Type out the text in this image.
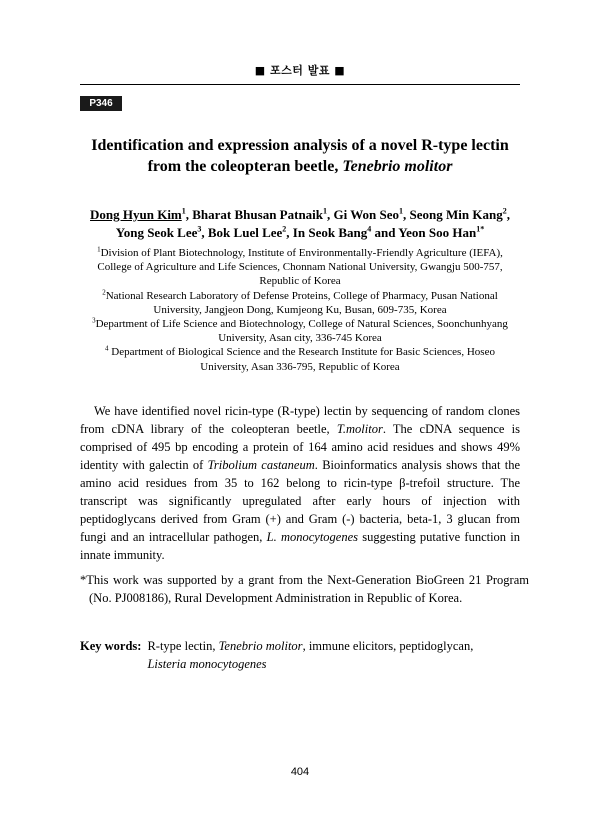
■ 포스터 발표 ■
P346
Identification and expression analysis of a novel R-type lectin
from the coleopteran beetle, Tenebrio molitor
Dong Hyun Kim$^1$, Bharat Bhusan Patnaik$^1$, Gi Won Seo$^1$, Seong Min Kang$^2$,
Yong Seok Lee$^3$, Bok Luel Lee$^2$, In Seok Bang$^4$ and Yeon Soo Han$^{1*}$
$^1$Division of Plant Biotechnology, Institute of Environmentally-Friendly Agriculture (IEFA), College of Agriculture and Life Sciences, Chonnam National University, Gwangju 500-757, Republic of Korea
$^2$National Research Laboratory of Defense Proteins, College of Pharmacy, Pusan National University, Jangjeon Dong, Kumjeong Ku, Busan, 609-735, Korea
$^3$Department of Life Science and Biotechnology, College of Natural Sciences, Soonchunhyang University, Asan city, 336-745 Korea
$^4$ Department of Biological Science and the Research Institute for Basic Sciences, Hoseo University, Asan 336-795, Republic of Korea

We have identified novel ricin-type (R-type) lectin by sequencing of random clones from cDNA library of the coleopteran beetle, T.molitor. The cDNA sequence is comprised of 495 bp encoding a protein of 164 amino acid residues and shows 49% identity with galectin of Tribolium castaneum. Bioinformatics analysis shows that the amino acid residues from 35 to 162 belong to ricin-type β-trefoil structure. The transcript was significantly upregulated after early hours of injection with peptidoglycans derived from Gram (+) and Gram (-) bacteria, beta-1, 3 glucan from fungi and an intracellular pathogen, L. monocytogenes suggesting putative function in innate immunity.

*This work was supported by a grant from the Next-Generation BioGreen 21 Program (No. PJ008186), Rural Development Administration in Republic of Korea.

Key words: R-type lectin, Tenebrio molitor, immune elicitors, peptidoglycan,
Listeria monocytogenes
404
